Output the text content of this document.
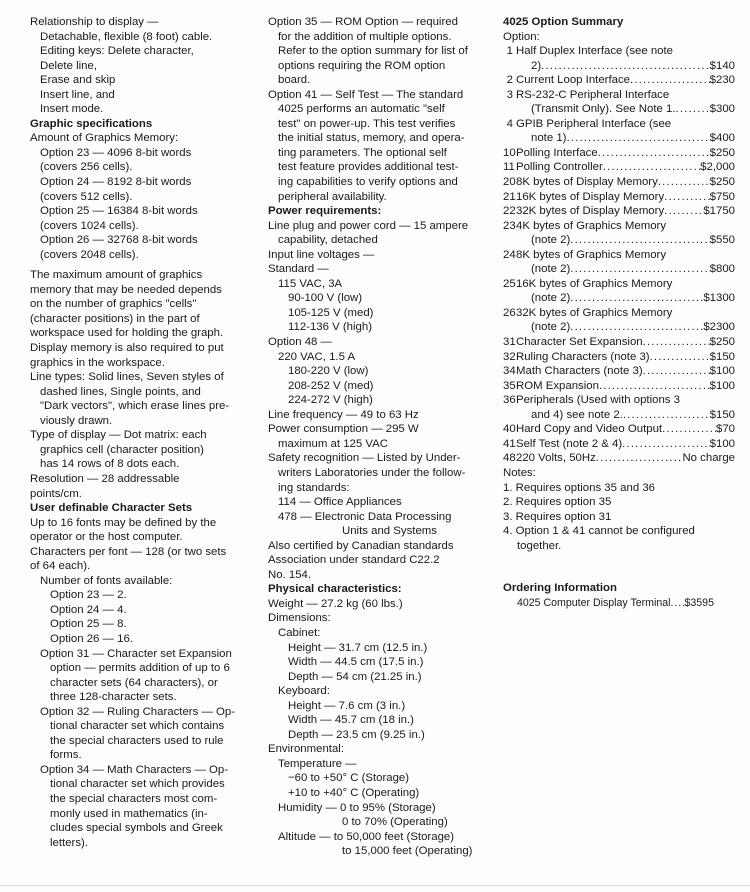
Relationship to display —
Detachable, flexible (8 foot) cable.
Editing keys: Delete character,
Delete line,
Erase and skip
Insert line, and
Insert mode.
Graphic specifications
Amount of Graphics Memory:
Option 23 — 4096 8-bit words
(covers 256 cells).
Option 24 — 8192 8-bit words
(covers 512 cells).
Option 25 — 16384 8-bit words
(covers 1024 cells).
Option 26 — 32768 8-bit words
(covers 2048 cells).
The maximum amount of graphics
memory that may be needed depends
on the number of graphics "cells"
(character positions) in the part of
workspace used for holding the graph.
Display memory is also required to put
graphics in the workspace.
Line types: Solid lines, Seven styles of
dashed lines, Single points, and
"Dark vectors", which erase lines pre-
viously drawn.
Type of display — Dot matrix: each
graphics cell (character position)
has 14 rows of 8 dots each.
Resolution — 28 addressable
points/cm.
User definable Character Sets
Up to 16 fonts may be defined by the
operator or the host computer.
Characters per font — 128 (or two sets
of 64 each).
Number of fonts available:
Option 23 — 2.
Option 24 — 4.
Option 25 — 8.
Option 26 — 16.
Option 31 — Character set Expansion
option — permits addition of up to 6
character sets (64 characters), or
three 128-character sets.
Option 32 — Ruling Characters — Op-
tional character set which contains
the special characters used to rule
forms.
Option 34 — Math Characters — Op-
tional character set which provides
the special characters most com-
monly used in mathematics (in-
cludes special symbols and Greek
letters).
Option 35 — ROM Option — required
for the addition of multiple options.
Refer to the option summary for list of
options requiring the ROM option
board.
Option 41 — Self Test — The standard
4025 performs an automatic "self
test" on power-up. This test verifies
the initial status, memory, and opera-
ting parameters. The optional self
test feature provides additional test-
ing capabilities to verify options and
peripheral availability.
Power requirements:
Line plug and power cord — 15 ampere
capability, detached
Input line voltages —
Standard —
115 VAC, 3A
90-100 V (low)
105-125 V (med)
112-136 V (high)
Option 48 —
220 VAC, 1.5 A
180-220 V (low)
208-252 V (med)
224-272 V (high)
Line frequency — 49 to 63 Hz
Power consumption — 295 W
maximum at 125 VAC
Safety recognition — Listed by Under-
writers Laboratories under the follow-
ing standards:
114 — Office Appliances
478 — Electronic Data Processing
Units and Systems
Also certified by Canadian standards
Association under standard C22.2
No. 154.
Physical characteristics:
Weight — 27.2 kg (60 lbs.)
Dimensions:
Cabinet:
Height — 31.7 cm (12.5 in.)
Width — 44.5 cm (17.5 in.)
Depth — 54 cm (21.25 in.)
Keyboard:
Height — 7.6 cm (3 in.)
Width — 45.7 cm (18 in.)
Depth — 23.5 cm (9.25 in.)
Environmental:
Temperature —
−60 to +50° C (Storage)
+10 to +40° C (Operating)
Humidity — 0 to 95% (Storage)
0 to 70% (Operating)
Altitude — to 50,000 feet (Storage)
to 15,000 feet (Operating)
4025 Option Summary
Option:
1 Half Duplex Interface (see note
2) . . .	$140
2 Current Loop Interface . . .	$230
3 RS-232-C Peripheral Interface
(Transmit Only). See Note 1. . . .	$300
4 GPIB Peripheral Interface (see
note 1) . . .	$400
10 Polling Interface . . .	$250
11 Polling Controller . . .	$2,000
20 8K bytes of Display Memory . . .	$250
21 16K bytes of Display Memory . . .	$750
22 32K bytes of Display Memory . . .	$1750
23 4K bytes of Graphics Memory
(note 2) . . .	$550
24 8K bytes of Graphics Memory
(note 2) . . .	$800
25 16K bytes of Graphics Memory
(note 2) . . .	$1300
26 32K bytes of Graphics Memory
(note 2) . . .	$2300
31 Character Set Expansion . . .	$250
32 Ruling Characters (note 3) . . .	$150
34 Math Characters (note 3) . . .	$100
35 ROM Expansion . . .	$100
36 Peripherals (Used with options 3
and 4) see note 2. . . .	$150
40 Hard Copy and Video Output . . .	$70
41 Self Test (note 2 & 4) . . .	$100
48 220 Volts, 50Hz . . .	No charge
Notes:
1. Requires options 35 and 36
2. Requires option 35
3. Requires option 31
4. Option 1 & 41 cannot be configured
together.
Ordering Information
4025 Computer Display Terminal . . . $3595
